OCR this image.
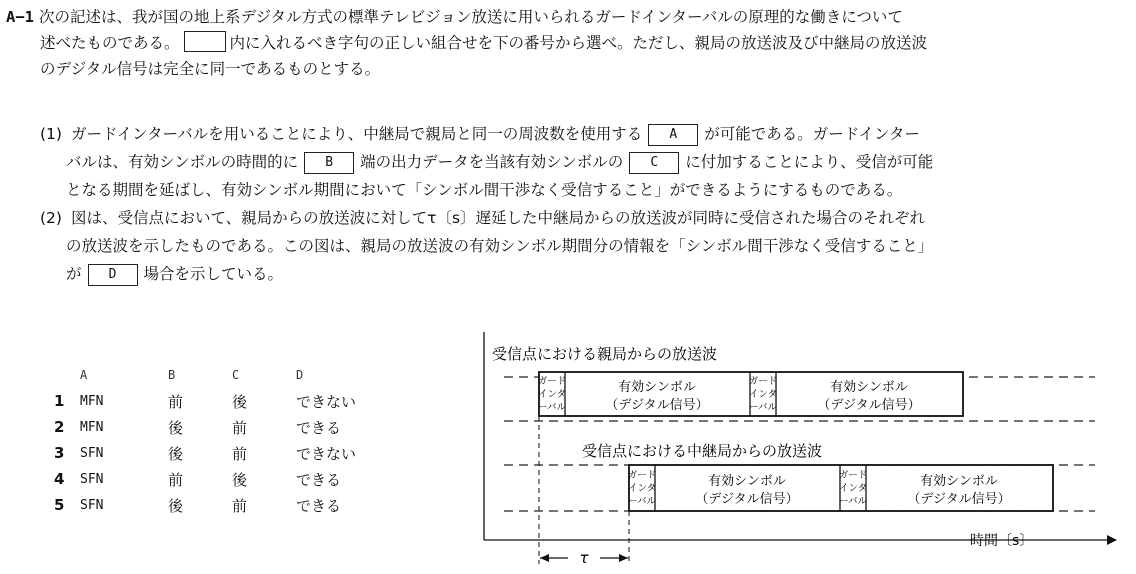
A−1 次の記述は、我が国の地上系デジタル方式の標準テレビジョン放送に用いられるガードインターバルの原理的な働きについて
述べたものである。	内に入れるべき字句の正しい組合せを下の番号から選べ。ただし、親局の放送波及び中継局の放送波
のデジタル信号は完全に同一であるものとする。
(1) ガードインターバルを用いることにより、中継局で親局と同一の周波数を使用する A が可能である。ガードインター
バルは、有効シンボルの時間的に B 端の出力データを当該有効シンボルの C に付加することにより、受信が可能
となる期間を延ばし、有効シンボル期間において「シンボル間干渉なく受信すること」ができるようにするものである。
(2) 図は、受信点において、親局からの放送波に対してτ〔s〕遅延した中継局からの放送波が同時に受信された場合のそれぞれ
の放送波を示したものである。この図は、親局の放送波の有効シンボル期間分の情報を「シンボル間干渉なく受信すること」
が D 場合を示している。
	A	B	C	D
1	MFN	前	後	できない
2	MFN	後	前	できる
3	SFN	後	前	できない
4	SFN	前	後	できる
5	SFN	後	前	できる
時間〔s〕
受信点における親局からの放送波
ガードインターバル
有効シンボル（デジタル信号）
ガードインターバル
有効シンボル（デジタル信号）
受信点における中継局からの放送波
ガードインターバル
有効シンボル（デジタル信号）
ガードインターバル
有効シンボル（デジタル信号）
τ
